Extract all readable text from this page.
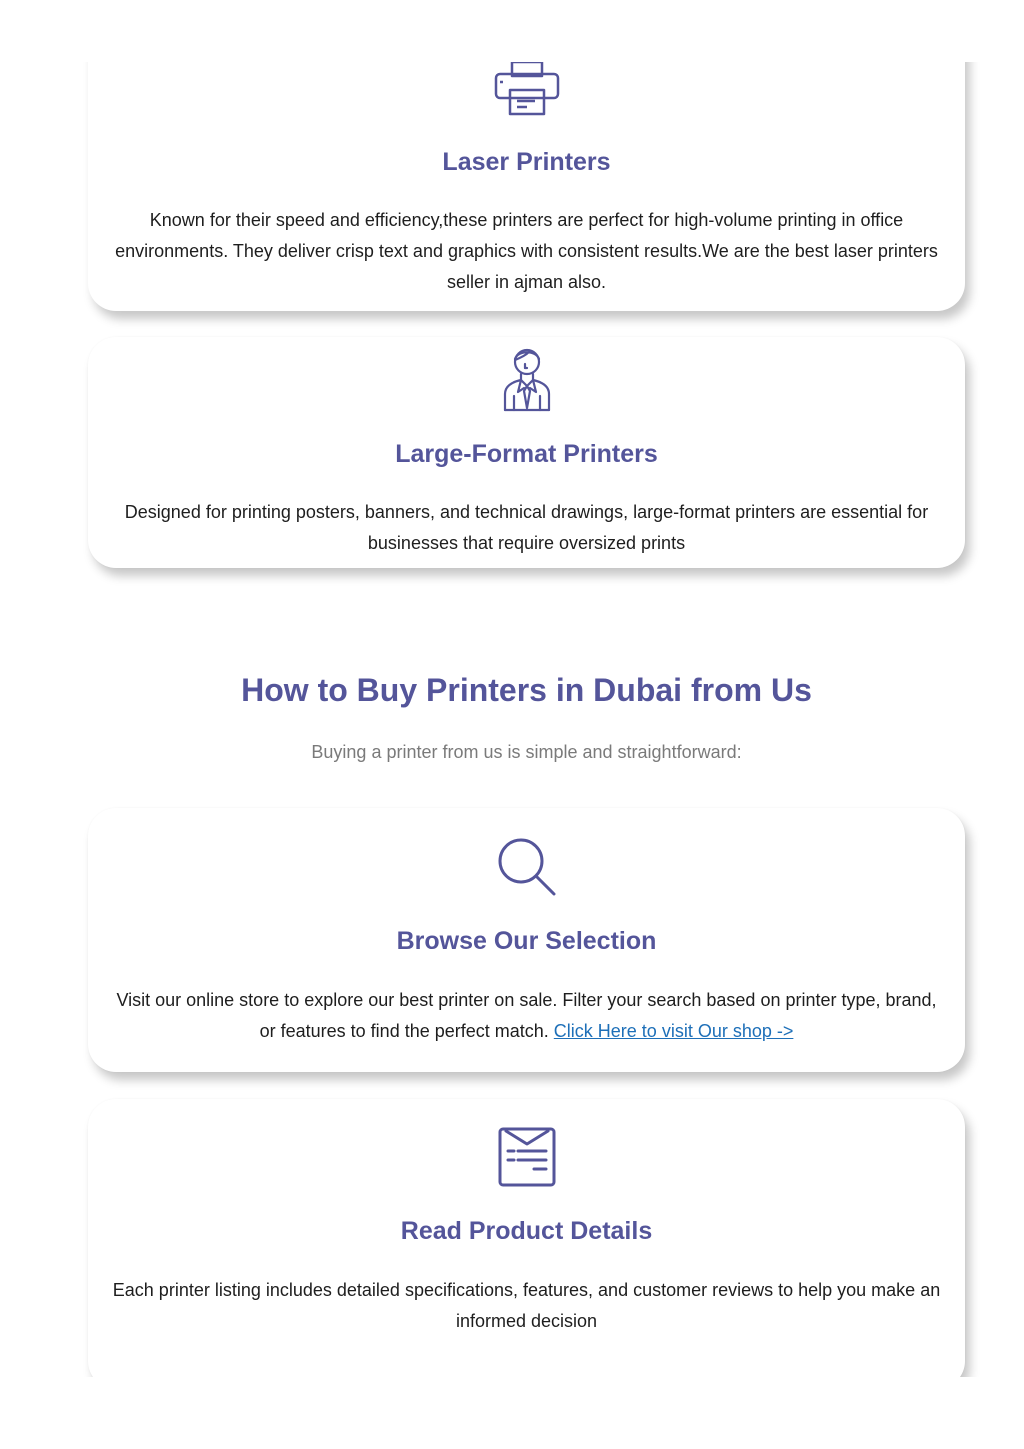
Laser Printers

Known for their speed and efficiency,these printers are perfect for high-volume printing in office environments. They deliver crisp text and graphics with consistent results.We are the best laser printers seller in ajman also.

Large-Format Printers

Designed for printing posters, banners, and technical drawings, large-format printers are essential for businesses that require oversized prints

How to Buy Printers in Dubai from Us

Buying a printer from us is simple and straightforward:

Browse Our Selection

Visit our online store to explore our best printer on sale. Filter your search based on printer type, brand, or features to find the perfect match. Click Here to visit Our shop ->

Read Product Details

Each printer listing includes detailed specifications, features, and customer reviews to help you make an informed decision
